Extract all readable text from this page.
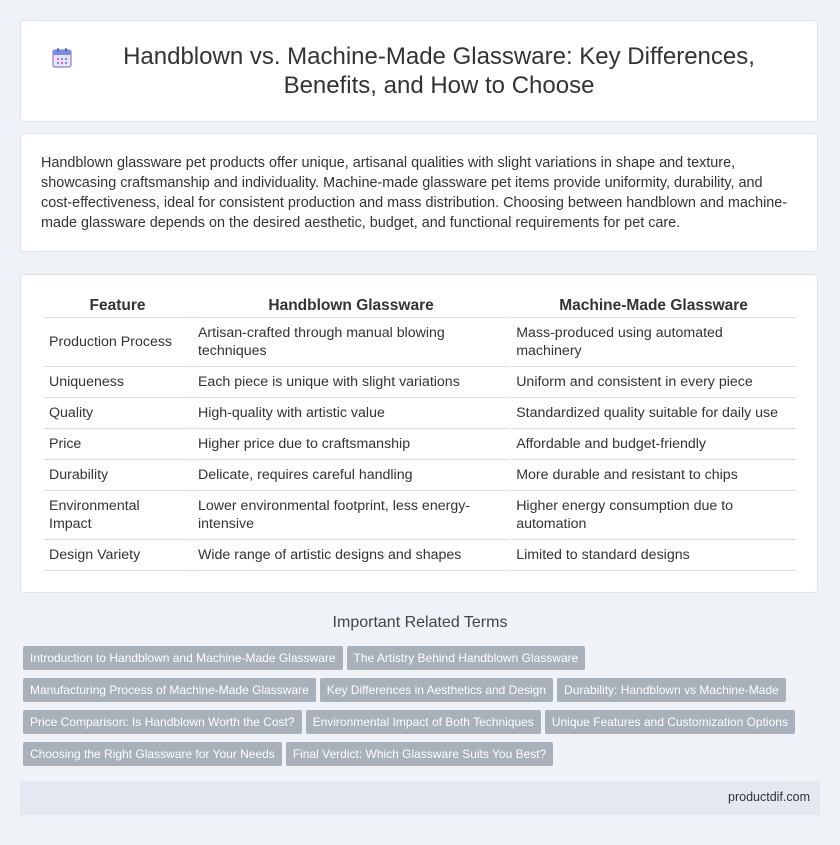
Handblown vs. Machine-Made Glassware: Key Differences, Benefits, and How to Choose

Handblown glassware pet products offer unique, artisanal qualities with slight variations in shape and texture, showcasing craftsmanship and individuality. Machine-made glassware pet items provide uniformity, durability, and cost-effectiveness, ideal for consistent production and mass distribution. Choosing between handblown and machine-made glassware depends on the desired aesthetic, budget, and functional requirements for pet care.

Feature	Handblown Glassware	Machine-Made Glassware
Production Process	Artisan-crafted through manual blowing techniques	Mass-produced using automated machinery
Uniqueness	Each piece is unique with slight variations	Uniform and consistent in every piece
Quality	High-quality with artistic value	Standardized quality suitable for daily use
Price	Higher price due to craftsmanship	Affordable and budget-friendly
Durability	Delicate, requires careful handling	More durable and resistant to chips
Environmental Impact	Lower environmental footprint, less energy-intensive	Higher energy consumption due to automation
Design Variety	Wide range of artistic designs and shapes	Limited to standard designs
Important Related Terms
Introduction to Handblown and Machine-Made Glassware The Artistry Behind Handblown Glassware
Manufacturing Process of Machine-Made Glassware Key Differences in Aesthetics and Design Durability: Handblown vs Machine-Made
Price Comparison: Is Handblown Worth the Cost? Environmental Impact of Both Techniques Unique Features and Customization Options
Choosing the Right Glassware for Your Needs Final Verdict: Which Glassware Suits You Best?
productdif.com
